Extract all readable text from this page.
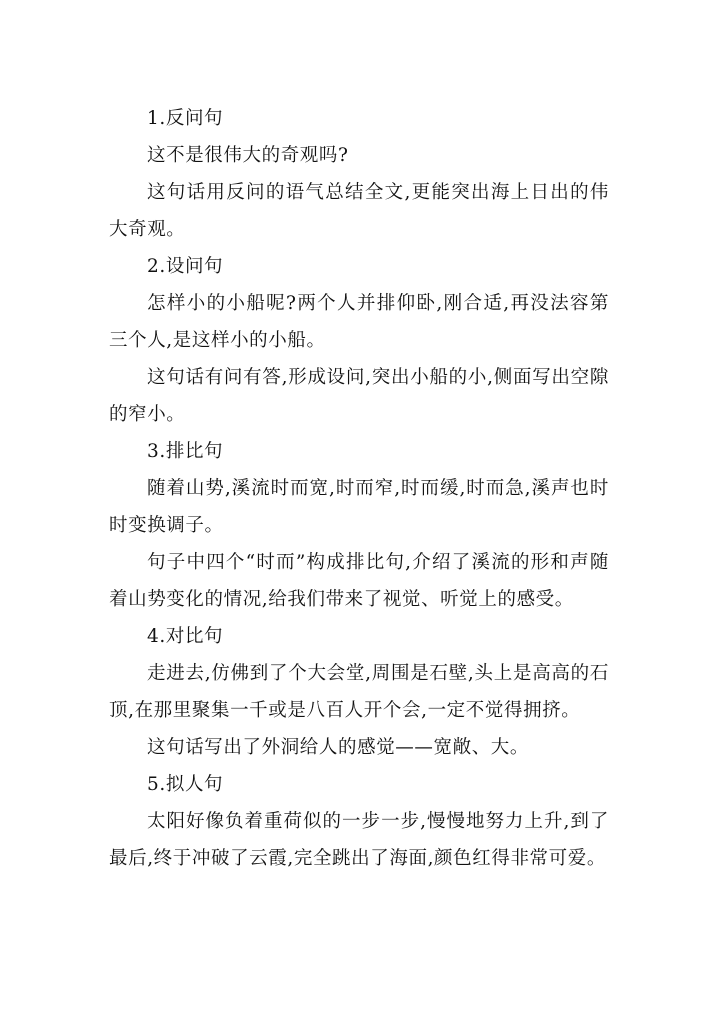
1.反问句

这不是很伟大的奇观吗?

这句话用反问的语气总结全文,更能突出海上日出的伟大奇观。

2.设问句

怎样小的小船呢?两个人并排仰卧,刚合适,再没法容第三个人,是这样小的小船。

这句话有问有答,形成设问,突出小船的小,侧面写出空隙的窄小。

3.排比句

随着山势,溪流时而宽,时而窄,时而缓,时而急,溪声也时时变换调子。

句子中四个“时而”构成排比句,介绍了溪流的形和声随着山势变化的情况,给我们带来了视觉、听觉上的感受。

4.对比句

走进去,仿佛到了个大会堂,周围是石壁,头上是高高的石顶,在那里聚集一千或是八百人开个会,一定不觉得拥挤。

这句话写出了外洞给人的感觉——宽敞、大。

5.拟人句

太阳好像负着重荷似的一步一步,慢慢地努力上升,到了最后,终于冲破了云霞,完全跳出了海面,颜色红得非常可爱。
